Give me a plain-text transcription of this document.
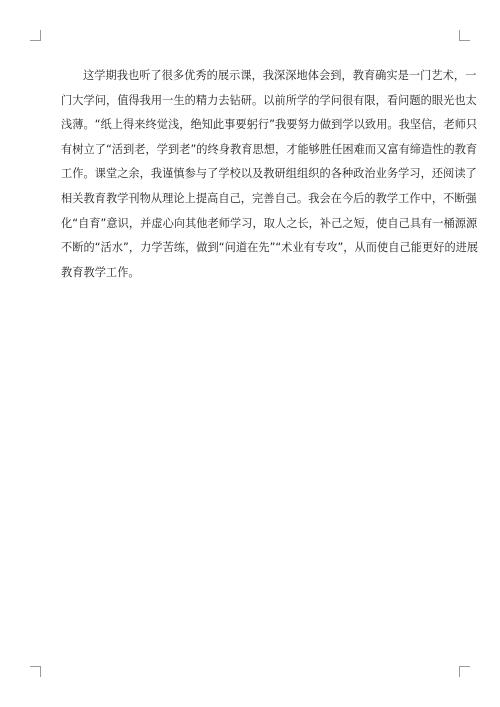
这学期我也听了很多优秀的展示课，我深深地体会到，教育确实是一门艺术，一
门大学问，值得我用一生的精力去钻研。以前所学的学问很有限，看问题的眼光也太
浅薄。“纸上得来终觉浅，绝知此事要躬行”我要努力做到学以致用。我坚信，老师只
有树立了“活到老，学到老”的终身教育思想，才能够胜任困难而又富有缔造性的教育
工作。课堂之余，我谨慎参与了学校以及教研组组织的各种政治业务学习，还阅读了
相关教育教学刊物从理论上提高自己，完善自己。我会在今后的教学工作中，不断强
化“自育”意识，并虚心向其他老师学习，取人之长，补己之短，使自己具有一桶源源
不断的“活水”，力学苦练，做到“问道在先”“术业有专攻”，从而使自己能更好的进展
教育教学工作。
